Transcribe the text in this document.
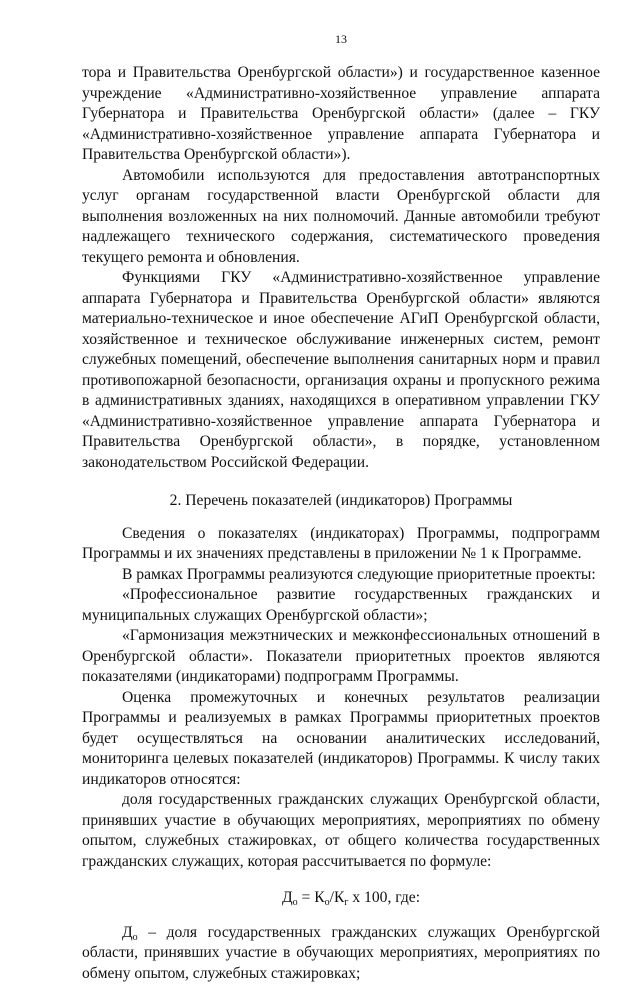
13

тора и Правительства Оренбургской области») и государственное казенное учреждение «Административно-хозяйственное управление аппарата Губернатора и Правительства Оренбургской области» (далее – ГКУ «Административно-хозяйственное управление аппарата Губернатора и Правительства Оренбургской области»).

Автомобили используются для предоставления автотранспортных услуг органам государственной власти Оренбургской области для выполнения возложенных на них полномочий. Данные автомобили требуют надлежащего технического содержания, систематического проведения текущего ремонта и обновления.

Функциями ГКУ «Административно-хозяйственное управление аппарата Губернатора и Правительства Оренбургской области» являются материально-техническое и иное обеспечение АГиП Оренбургской области, хозяйственное и техническое обслуживание инженерных систем, ремонт служебных помещений, обеспечение выполнения санитарных норм и правил противопожарной безопасности, организация охраны и пропускного режима в административных зданиях, находящихся в оперативном управлении ГКУ «Административно-хозяйственное управление аппарата Губернатора и Правительства Оренбургской области», в порядке, установленном законодательством Российской Федерации.

2. Перечень показателей (индикаторов) Программы

Сведения о показателях (индикаторах) Программы, подпрограмм Программы и их значениях представлены в приложении № 1 к Программе.

В рамках Программы реализуются следующие приоритетные проекты:

«Профессиональное развитие государственных гражданских и муниципальных служащих Оренбургской области»;

«Гармонизация межэтнических и межконфессиональных отношений в Оренбургской области». Показатели приоритетных проектов являются показателями (индикаторами) подпрограмм Программы.

Оценка промежуточных и конечных результатов реализации Программы и реализуемых в рамках Программы приоритетных проектов будет осуществляться на основании аналитических исследований, мониторинга целевых показателей (индикаторов) Программы. К числу таких индикаторов относятся:

доля государственных гражданских служащих Оренбургской области, принявших участие в обучающих мероприятиях, мероприятиях по обмену опытом, служебных стажировках, от общего количества государственных гражданских служащих, которая рассчитывается по формуле:

$Д_о = К_о/К_г$ х 100, где:

$Д_о$ – доля государственных гражданских служащих Оренбургской области, принявших участие в обучающих мероприятиях, мероприятиях по обмену опытом, служебных стажировках;
